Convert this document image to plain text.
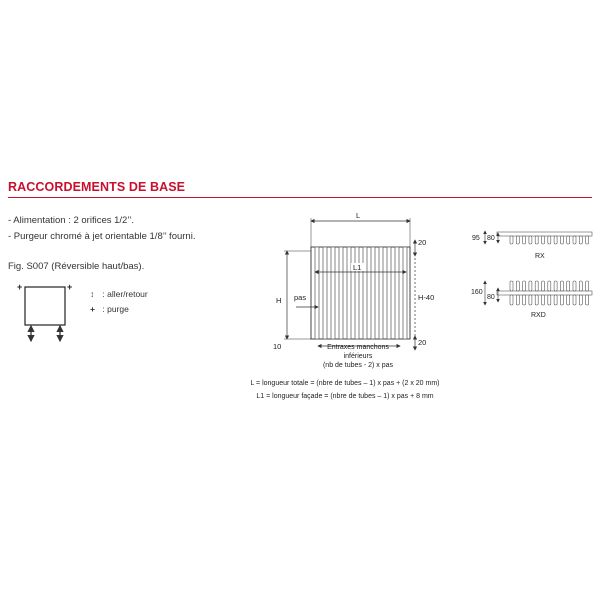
RACCORDEMENTS DE BASE
- Alimentation : 2 orifices 1/2’’.
- Purgeur chromé à jet orientable 1/8’’ fourni.
Fig. S007 (Réversible haut/bas).
↕ : aller/retour
+ : purge
+	+
L
L1
H pas
20
H-40
20
10	Entraxes manchons
inférieurs
(nb de tubes - 2) x pas
L = longueur totale = (nbre de tubes – 1) x pas + (2 x 20 mm)
L1 = longueur façade = (nbre de tubes – 1) x pas + 8 mm
95 80
RX
160
80
RXD
